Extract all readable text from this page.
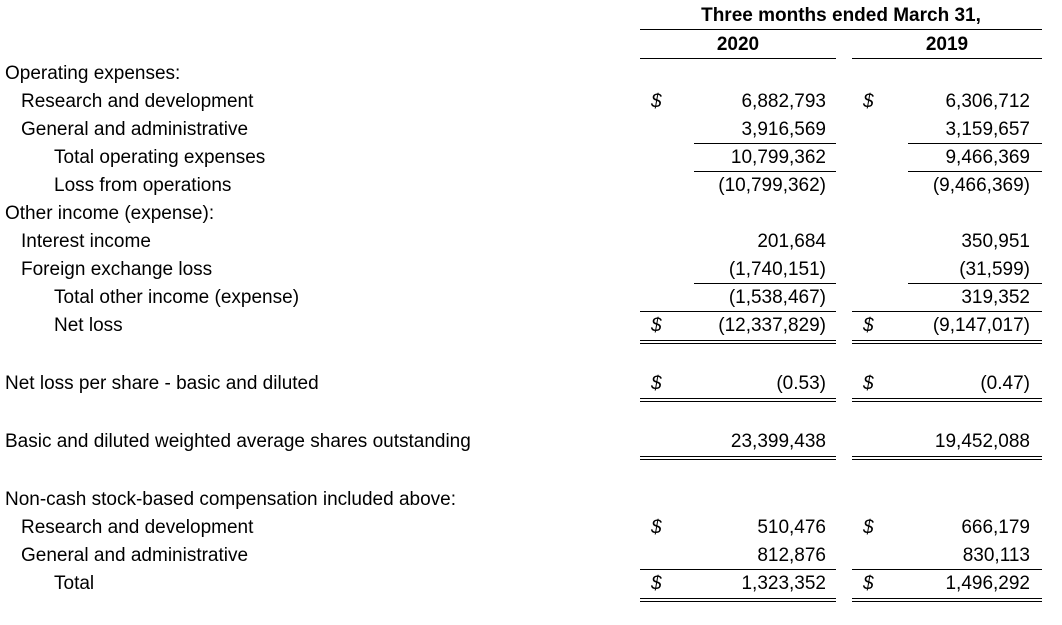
Three months ended March 31,
2020	2019
Operating expenses:
Research and development	$	6,882,793 $	6,306,712
General and administrative	3,916,569	3,159,657
Total operating expenses	10,799,362	9,466,369
Loss from operations	(10,799,362)	(9,466,369)
Other income (expense):
Interest income	201,684	350,951
Foreign exchange loss	(1,740,151)	(31,599)
Total other income (expense)	(1,538,467)	319,352
Net loss	$	(12,337,829) $	(9,147,017)
Net loss per share - basic and diluted	$	(0.53) $	(0.47)
Basic and diluted weighted average shares outstanding	23,399,438	19,452,088
Non-cash stock-based compensation included above:
Research and development	$	510,476 $	666,179
General and administrative	812,876	830,113
Total	$	1,323,352 $	1,496,292
